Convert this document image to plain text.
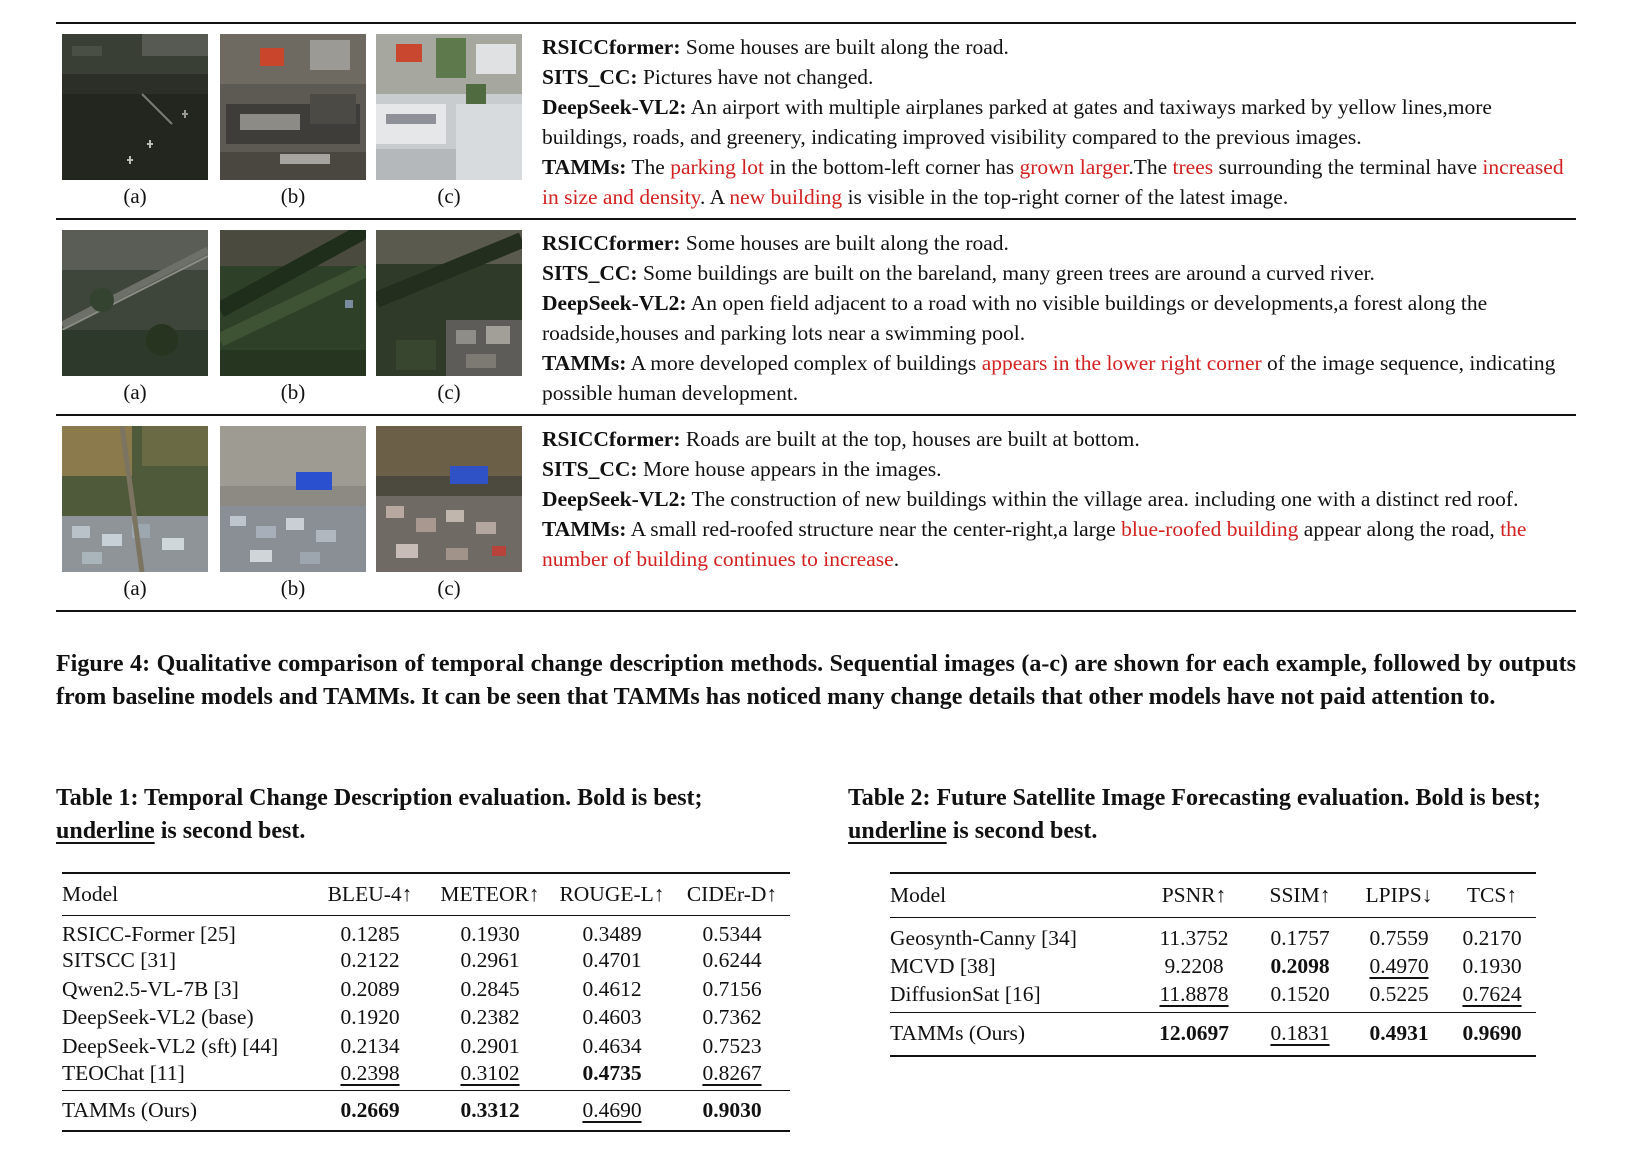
(a)	(b)	(c)
RSICCformer: Some houses are built along the road.
SITS_CC: Pictures have not changed.
DeepSeek-VL2: An airport with multiple airplanes parked at gates and taxiways marked by yellow lines,more buildings, roads, and greenery, indicating improved visibility compared to the previous images.
TAMMs: The parking lot in the bottom-left corner has grown larger.The trees surrounding the terminal have increased in size and density. A new building is visible in the top-right corner of the latest image.
(a)	(b)	(c)
RSICCformer: Some houses are built along the road.
SITS_CC: Some buildings are built on the bareland, many green trees are around a curved river.
DeepSeek-VL2: An open field adjacent to a road with no visible buildings or developments,a forest along the roadside,houses and parking lots near a swimming pool.
TAMMs: A more developed complex of buildings appears in the lower right corner of the image sequence, indicating possible human development.
(a)	(b)	(c)
RSICCformer: Roads are built at the top, houses are built at bottom.
SITS_CC: More house appears in the images.
DeepSeek-VL2: The construction of new buildings within the village area. including one with a distinct red roof.
TAMMs: A small red-roofed structure near the center-right,a large blue-roofed building appear along the road, the number of building continues to increase.
Figure 4: Qualitative comparison of temporal change description methods. Sequential images (a-c) are shown for each example, followed by outputs from baseline models and TAMMs. It can be seen that TAMMs has noticed many change details that other models have not paid attention to.
Table 1: Temporal Change Description evaluation. Bold is best; underline is second best.
Table 2: Future Satellite Image Forecasting evaluation. Bold is best; underline is second best.
Model	BLEU-4↑	METEOR↑	ROUGE-L↑	CIDEr-D↑
RSICC-Former [25]	0.1285	0.1930	0.3489	0.5344
SITSCC [31]	0.2122	0.2961	0.4701	0.6244
Qwen2.5-VL-7B [3]	0.2089	0.2845	0.4612	0.7156
DeepSeek-VL2 (base)	0.1920	0.2382	0.4603	0.7362
DeepSeek-VL2 (sft) [44]	0.2134	0.2901	0.4634	0.7523
TEOChat [11]	0.2398	0.3102	0.4735	0.8267
TAMMs (Ours)	0.2669	0.3312	0.4690	0.9030
Model	PSNR↑	SSIM↑	LPIPS↓	TCS↑
Geosynth-Canny [34]	11.3752	0.1757	0.7559	0.2170
MCVD [38]	9.2208	0.2098	0.4970	0.1930
DiffusionSat [16]	11.8878	0.1520	0.5225	0.7624
TAMMs (Ours)	12.0697	0.1831	0.4931	0.9690
